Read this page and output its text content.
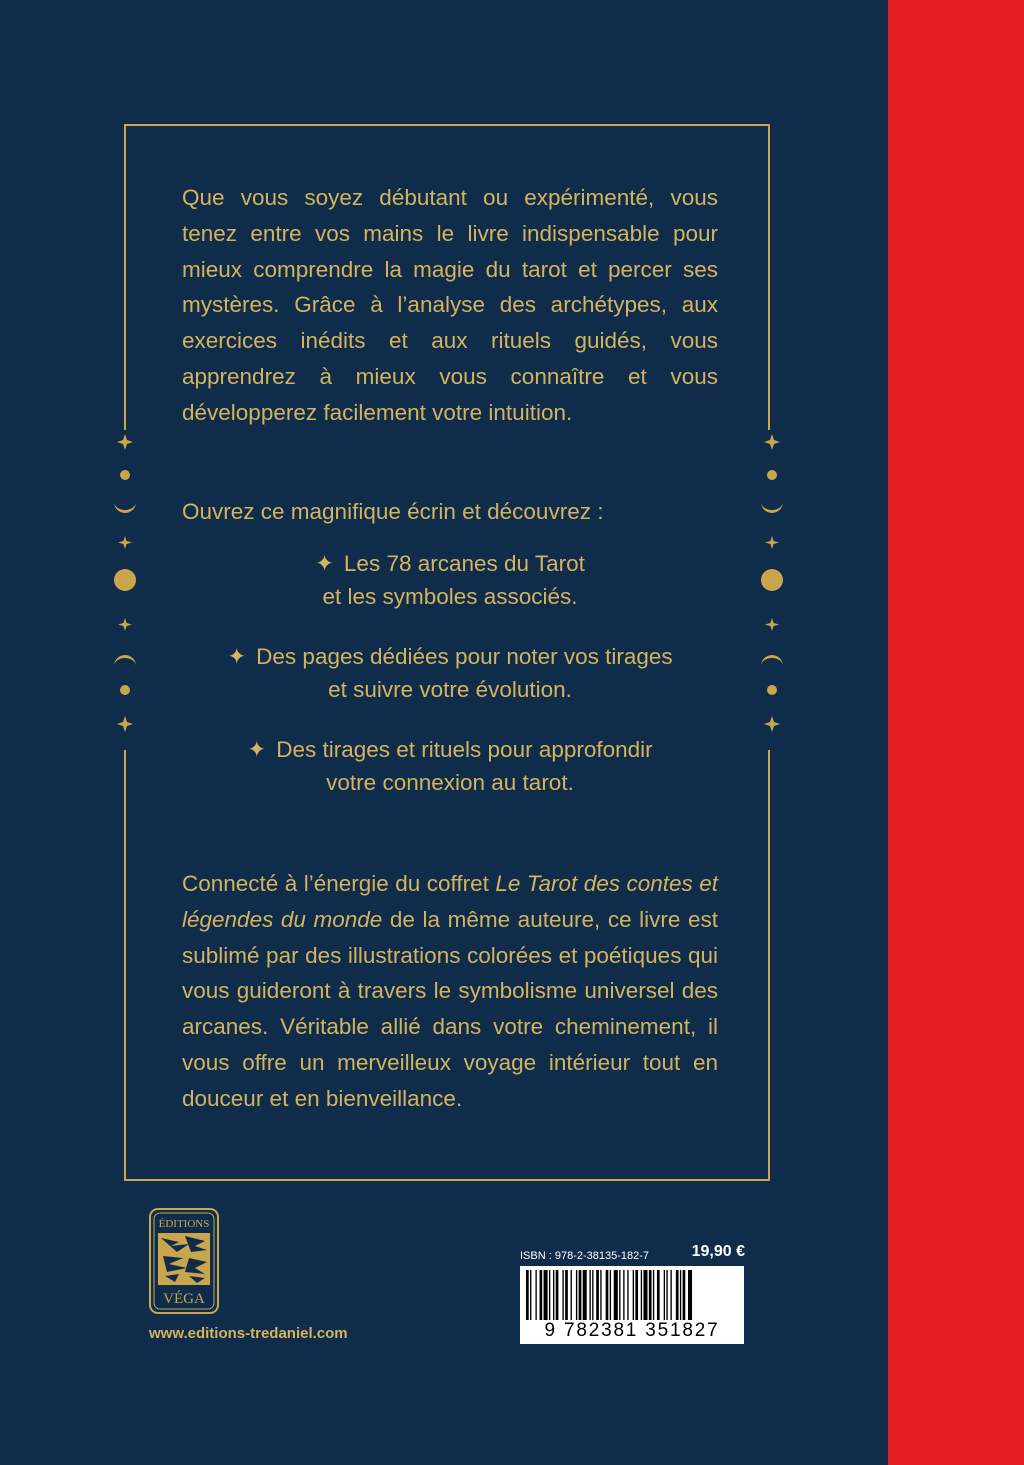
Que vous soyez débutant ou expérimenté, vous tenez entre vos mains le livre indispensable pour mieux comprendre la magie du tarot et percer ses mystères. Grâce à l’analyse des archétypes, aux exercices inédits et aux rituels guidés, vous apprendrez à mieux vous connaître et vous développerez facilement votre intuition.
Ouvrez ce magnifique écrin et découvrez :
✦ Les 78 arcanes du Tarot
et les symboles associés.
✦ Des pages dédiées pour noter vos tirages
et suivre votre évolution.
✦ Des tirages et rituels pour approfondir
votre connexion au tarot.
Connecté à l’énergie du coffret Le Tarot des contes et légendes du monde de la même auteure, ce livre est sublimé par des illustrations colorées et poétiques qui vous guideront à travers le symbolisme universel des arcanes. Véritable allié dans votre cheminement, il vous offre un merveilleux voyage intérieur tout en douceur et en bienveillance.
ÉDITIONS
VÉGA
www.editions-tredaniel.com
ISBN : 978-2-38135-182-7	19,90 €
9 782381 351827
